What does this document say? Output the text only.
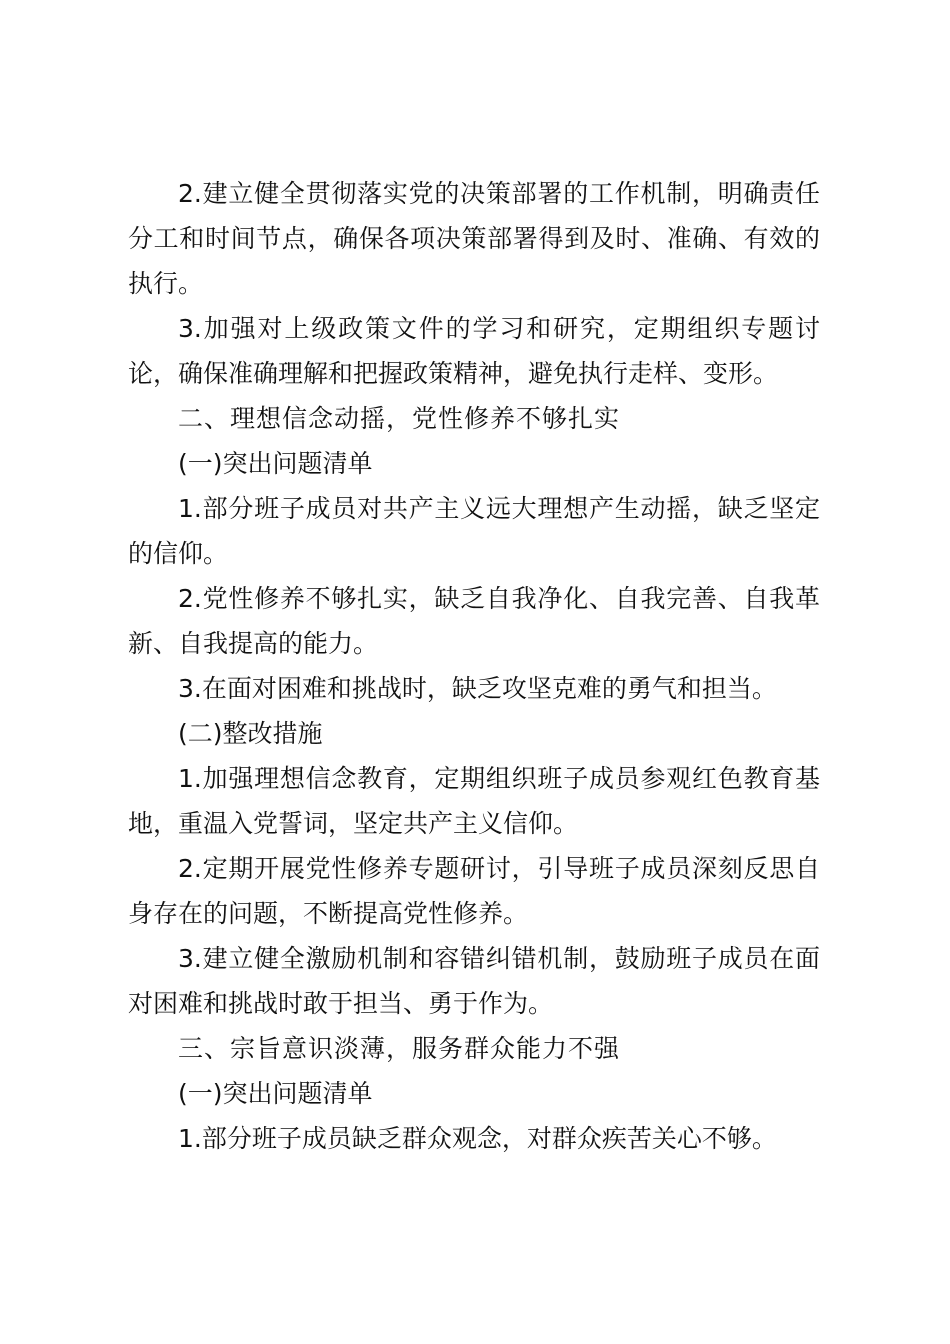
2.建立健全贯彻落实党的决策部署的工作机制，明确责任分工和时间节点，确保各项决策部署得到及时、准确、有效的执行。

3.加强对上级政策文件的学习和研究，定期组织专题讨论，确保准确理解和把握政策精神，避免执行走样、变形。

二、理想信念动摇，党性修养不够扎实

(一)突出问题清单

1.部分班子成员对共产主义远大理想产生动摇，缺乏坚定的信仰。

2.党性修养不够扎实，缺乏自我净化、自我完善、自我革新、自我提高的能力。

3.在面对困难和挑战时，缺乏攻坚克难的勇气和担当。

(二)整改措施

1.加强理想信念教育，定期组织班子成员参观红色教育基地，重温入党誓词，坚定共产主义信仰。

2.定期开展党性修养专题研讨，引导班子成员深刻反思自身存在的问题，不断提高党性修养。

3.建立健全激励机制和容错纠错机制，鼓励班子成员在面对困难和挑战时敢于担当、勇于作为。

三、宗旨意识淡薄，服务群众能力不强

(一)突出问题清单

1.部分班子成员缺乏群众观念，对群众疾苦关心不够。
